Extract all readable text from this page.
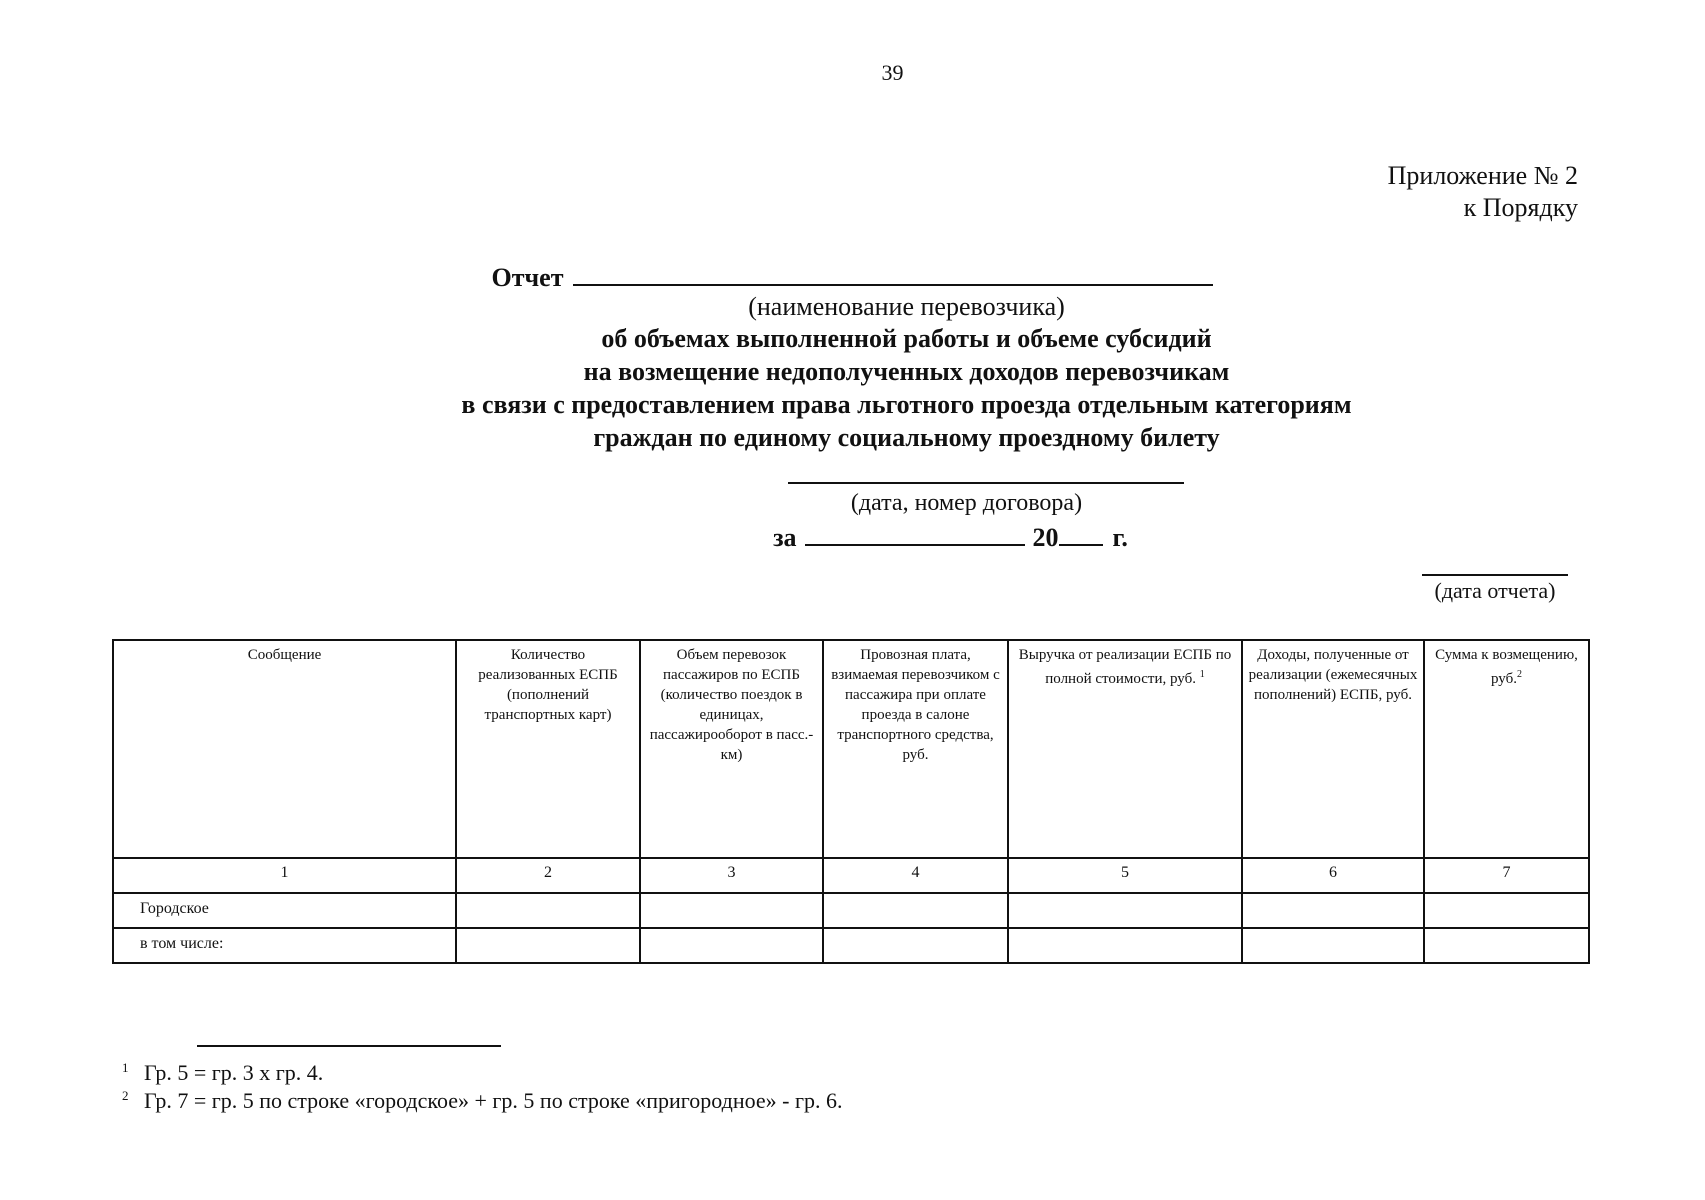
39
Приложение № 2
к Порядку
Отчет
(наименование перевозчика)
об объемах выполненной работы и объеме субсидий
на возмещение недополученных доходов перевозчикам
в связи с предоставлением права льготного проезда отдельным категориям
граждан по единому социальному проездному билету
(дата, номер договора)
за	20 г.
(дата отчета)
Сообщение	Количество реализованных ЕСПБ (пополнений транспортных карт)	Объем перевозок пассажиров по ЕСПБ (количество поездок в единицах, пассажирооборот в пасс.-км)	Провозная плата, взимаемая перевозчиком с пассажира при оплате проезда в салоне транспортного средства, руб.	Выручка от реализации ЕСПБ по полной стоимости, руб. $^1$	Доходы, полученные от реализации (ежемесячных пополнений) ЕСПБ, руб.	Сумма к возмещению, руб.$^2$
1	2	3	4	5	6	7
Городское						
в том числе:						
1 Гр. 5 = гр. 3 х гр. 4.
2 Гр. 7 = гр. 5 по строке «городское» + гр. 5 по строке «пригородное» - гр. 6.
